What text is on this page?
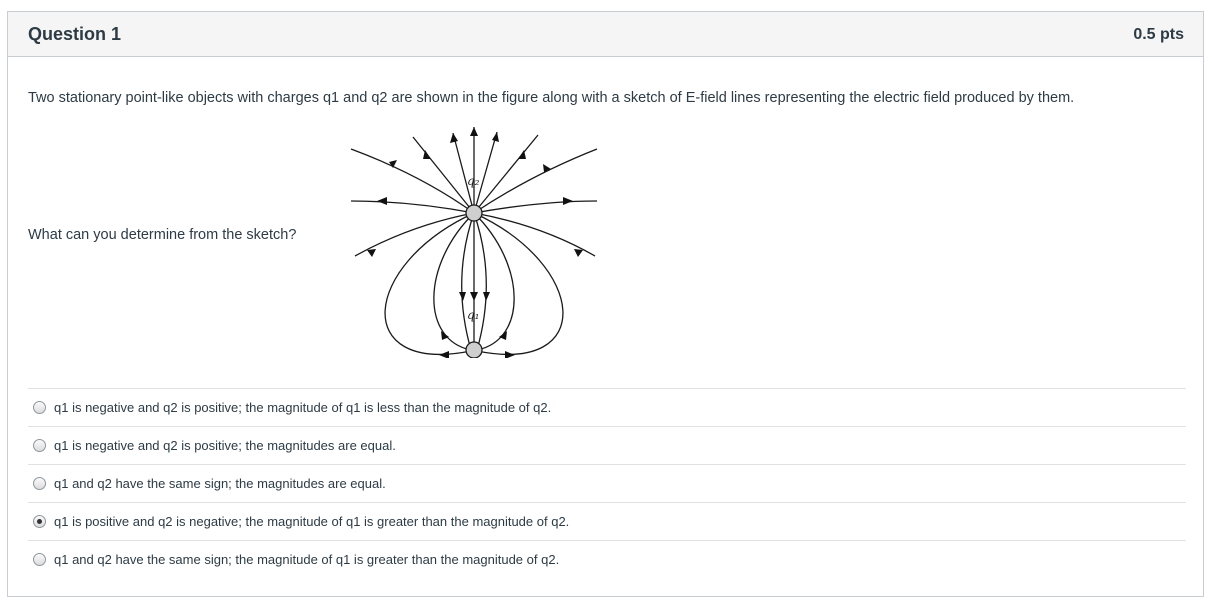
Question 1	0.5 pts
Two stationary point-like objects with charges q1 and q2 are shown in the figure along with a sketch of E-field lines representing the electric field produced by them.
What can you determine from the sketch?
q₂
q₁
q1 is negative and q2 is positive; the magnitude of q1 is less than the magnitude of q2.
q1 is negative and q2 is positive; the magnitudes are equal.
q1 and q2 have the same sign; the magnitudes are equal.
q1 is positive and q2 is negative; the magnitude of q1 is greater than the magnitude of q2.
q1 and q2 have the same sign; the magnitude of q1 is greater than the magnitude of q2.
